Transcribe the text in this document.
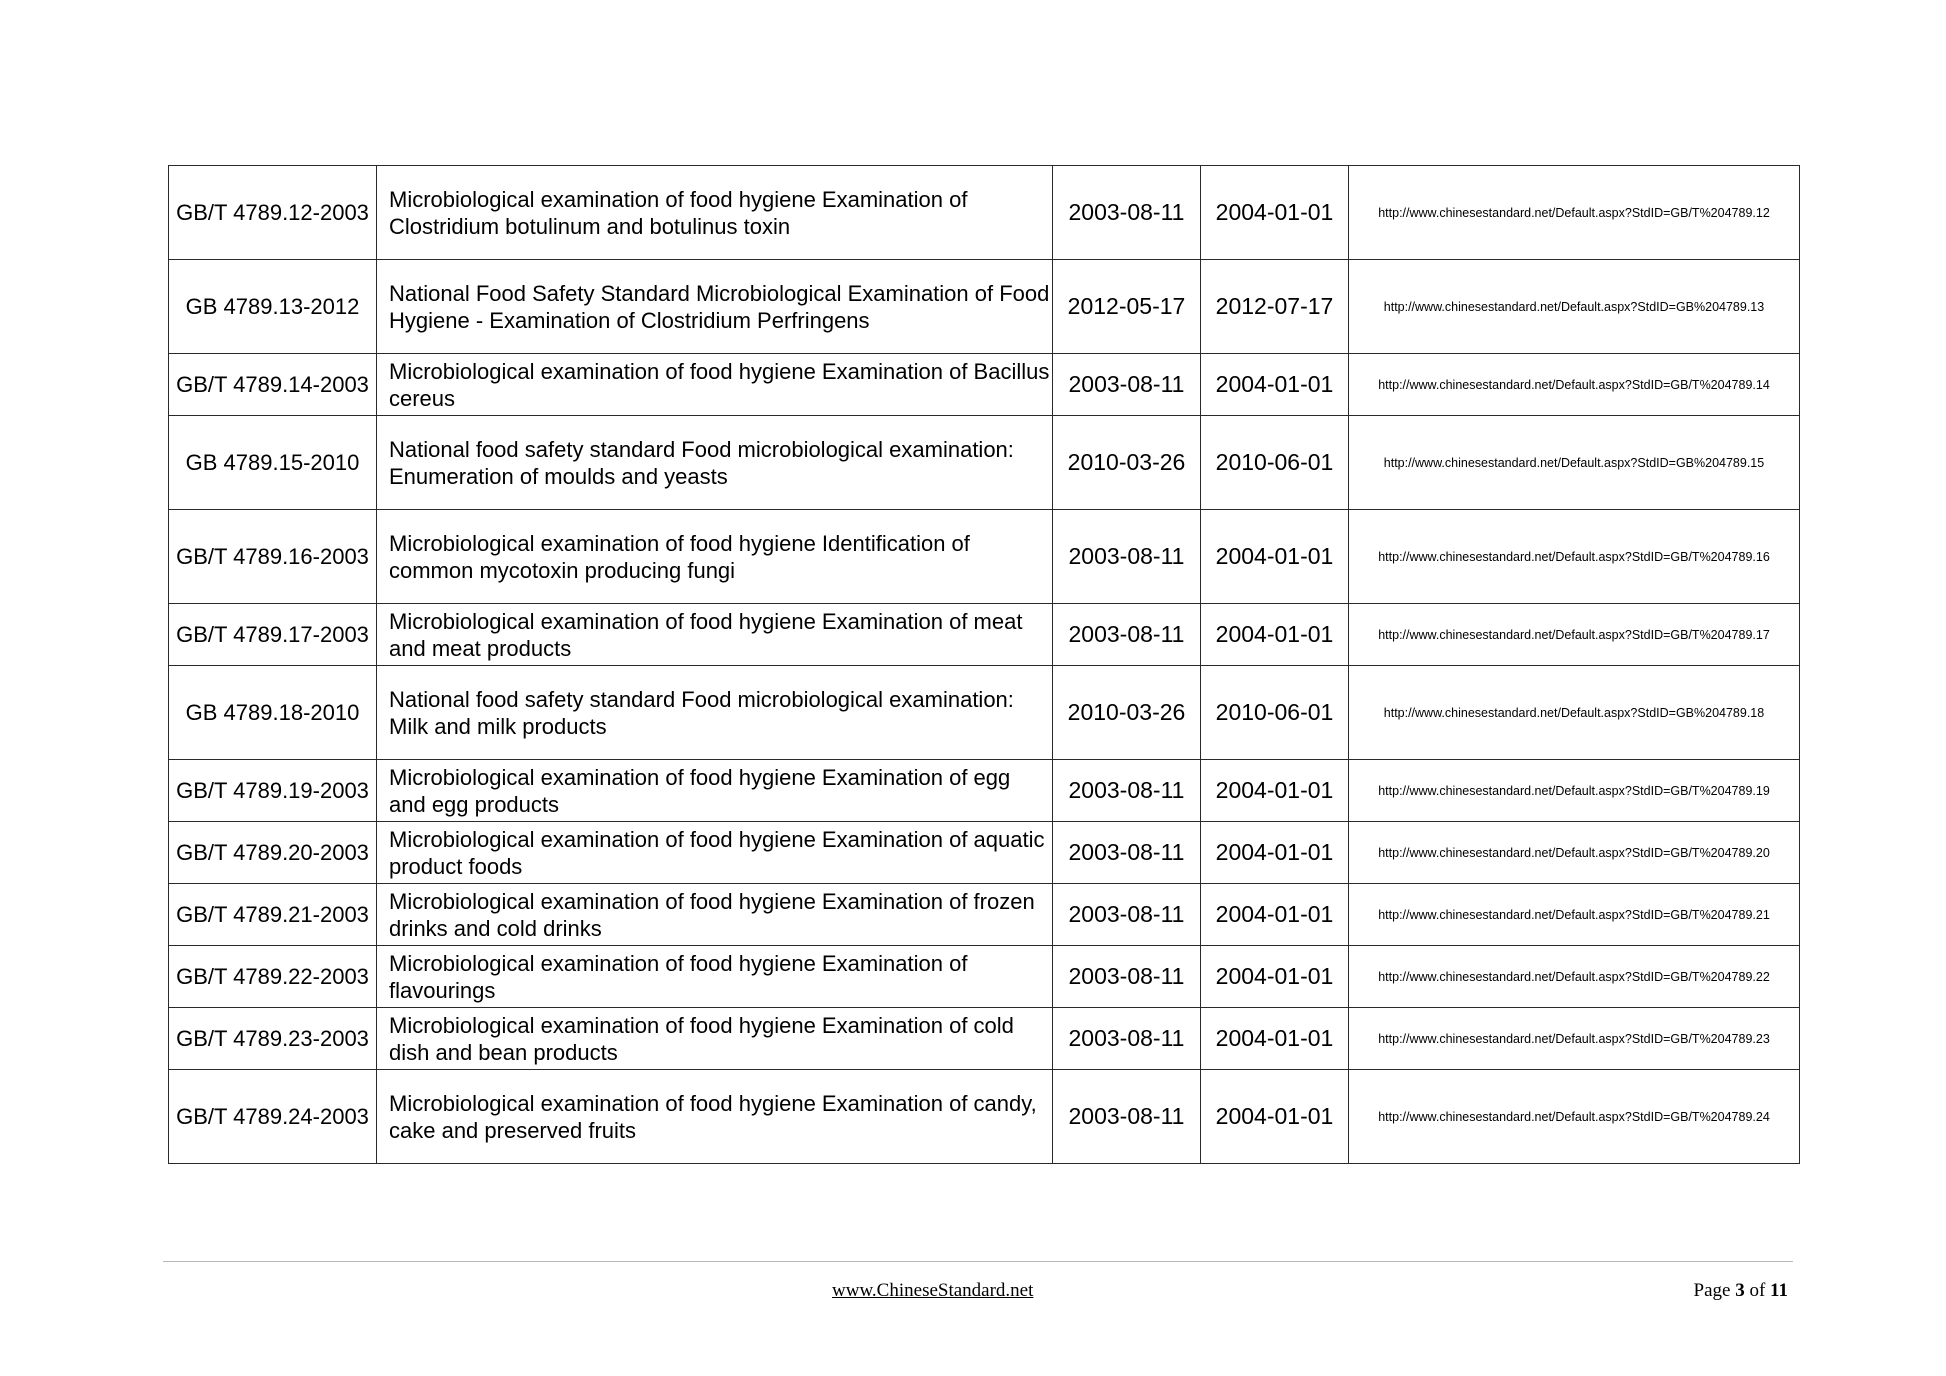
GB/T 4789.12-2003	Microbiological examination of food hygiene Examination of Clostridium botulinum and botulinus toxin	2003-08-11	2004-01-01	http://www.chinesestandard.net/Default.aspx?StdID=GB/T%204789.12

GB 4789.13-2012	National Food Safety Standard Microbiological Examination of Food Hygiene - Examination of Clostridium Perfringens	2012-05-17	2012-07-17	http://www.chinesestandard.net/Default.aspx?StdID=GB%204789.13

GB/T 4789.14-2003	Microbiological examination of food hygiene Examination of Bacillus cereus	2003-08-11	2004-01-01	http://www.chinesestandard.net/Default.aspx?StdID=GB/T%204789.14

GB 4789.15-2010	National food safety standard Food microbiological examination: Enumeration of moulds and yeasts	2010-03-26	2010-06-01	http://www.chinesestandard.net/Default.aspx?StdID=GB%204789.15

GB/T 4789.16-2003	Microbiological examination of food hygiene Identification of common mycotoxin producing fungi	2003-08-11	2004-01-01	http://www.chinesestandard.net/Default.aspx?StdID=GB/T%204789.16

GB/T 4789.17-2003	Microbiological examination of food hygiene Examination of meat and meat products	2003-08-11	2004-01-01	http://www.chinesestandard.net/Default.aspx?StdID=GB/T%204789.17

GB 4789.18-2010	National food safety standard Food microbiological examination: Milk and milk products	2010-03-26	2010-06-01	http://www.chinesestandard.net/Default.aspx?StdID=GB%204789.18

GB/T 4789.19-2003	Microbiological examination of food hygiene Examination of egg and egg products	2003-08-11	2004-01-01	http://www.chinesestandard.net/Default.aspx?StdID=GB/T%204789.19

GB/T 4789.20-2003	Microbiological examination of food hygiene Examination of aquatic product foods	2003-08-11	2004-01-01	http://www.chinesestandard.net/Default.aspx?StdID=GB/T%204789.20

GB/T 4789.21-2003	Microbiological examination of food hygiene Examination of frozen drinks and cold drinks	2003-08-11	2004-01-01	http://www.chinesestandard.net/Default.aspx?StdID=GB/T%204789.21

GB/T 4789.22-2003	Microbiological examination of food hygiene Examination of flavourings	2003-08-11	2004-01-01	http://www.chinesestandard.net/Default.aspx?StdID=GB/T%204789.22

GB/T 4789.23-2003	Microbiological examination of food hygiene Examination of cold dish and bean products	2003-08-11	2004-01-01	http://www.chinesestandard.net/Default.aspx?StdID=GB/T%204789.23

GB/T 4789.24-2003	Microbiological examination of food hygiene Examination of candy, cake and preserved fruits	2003-08-11	2004-01-01	http://www.chinesestandard.net/Default.aspx?StdID=GB/T%204789.24
www.ChineseStandard.net	Page 3 of 11
